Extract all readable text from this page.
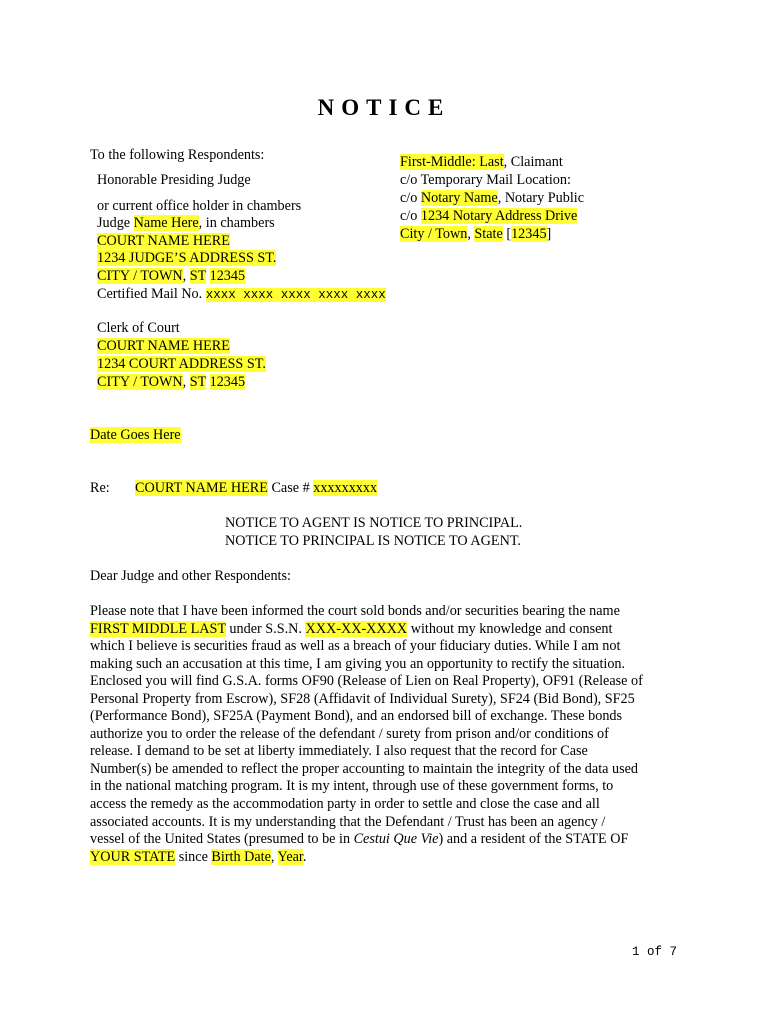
NOTICE
To the following Respondents:
Honorable Presiding Judge
or current office holder in chambers
Judge Name Here, in chambers
COURT NAME HERE
1234 JUDGE’S ADDRESS ST.
CITY / TOWN, ST 12345
Certified Mail No. xxxx xxxx xxxx xxxx xxxx
Clerk of Court
COURT NAME HERE
1234 COURT ADDRESS ST.
CITY / TOWN, ST 12345
First-Middle: Last, Claimant
c/o Temporary Mail Location:
c/o Notary Name, Notary Public
c/o 1234 Notary Address Drive
City / Town, State [12345]
Date Goes Here
Re: COURT NAME HERE Case # xxxxxxxxx
NOTICE TO AGENT IS NOTICE TO PRINCIPAL.
NOTICE TO PRINCIPAL IS NOTICE TO AGENT.
Dear Judge and other Respondents:
Please note that I have been informed the court sold bonds and/or securities bearing the name
FIRST MIDDLE LAST under S.S.N. XXX-XX-XXXX without my knowledge and consent
which I believe is securities fraud as well as a breach of your fiduciary duties. While I am not
making such an accusation at this time, I am giving you an opportunity to rectify the situation.
Enclosed you will find G.S.A. forms OF90 (Release of Lien on Real Property), OF91 (Release of
Personal Property from Escrow), SF28 (Affidavit of Individual Surety), SF24 (Bid Bond), SF25
(Performance Bond), SF25A (Payment Bond), and an endorsed bill of exchange. These bonds
authorize you to order the release of the defendant / surety from prison and/or conditions of
release. I demand to be set at liberty immediately. I also request that the record for Case
Number(s) be amended to reflect the proper accounting to maintain the integrity of the data used
in the national matching program. It is my intent, through use of these government forms, to
access the remedy as the accommodation party in order to settle and close the case and all
associated accounts. It is my understanding that the Defendant / Trust has been an agency /
vessel of the United States (presumed to be in Cestui Que Vie) and a resident of the STATE OF
YOUR STATE since Birth Date, Year.
1 of 7
